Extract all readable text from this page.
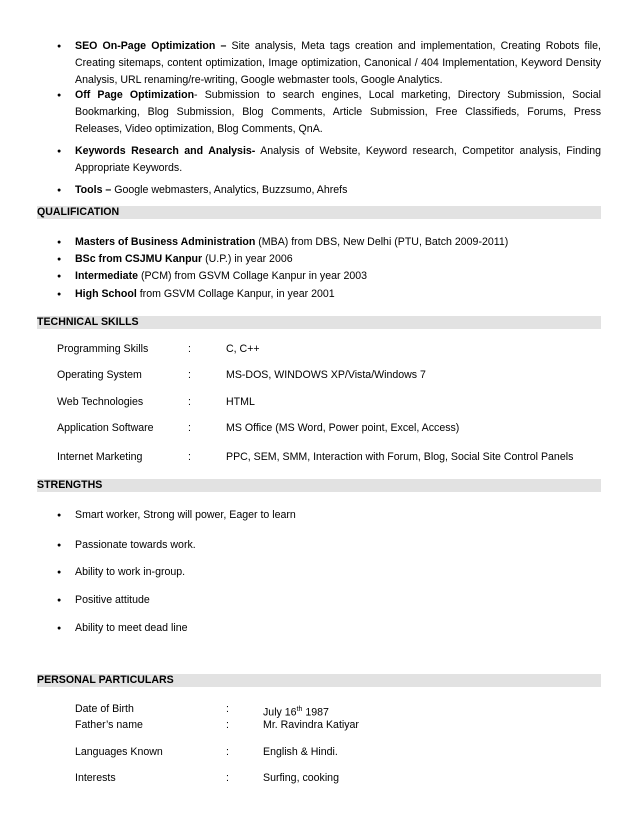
● SEO On-Page Optimization – Site analysis, Meta tags creation and implementation, Creating Robots file, Creating sitemaps, content optimization, Image optimization, Canonical / 404 Implementation, Keyword Density Analysis, URL renaming/re-writing, Google webmaster tools, Google Analytics.
● Off Page Optimization- Submission to search engines, Local marketing, Directory Submission, Social Bookmarking, Blog Submission, Blog Comments, Article Submission, Free Classifieds, Forums, Press Releases, Video optimization, Blog Comments, QnA.
● Keywords Research and Analysis- Analysis of Website, Keyword research, Competitor analysis, Finding Appropriate Keywords.
● Tools – Google webmasters, Analytics, Buzzsumo, Ahrefs
QUALIFICATION
● Masters of Business Administration (MBA) from DBS, New Delhi (PTU, Batch 2009-2011)
● BSc from CSJMU Kanpur (U.P.) in year 2006
● Intermediate (PCM) from GSVM Collage Kanpur in year 2003
● High School from GSVM Collage Kanpur, in year 2001
TECHNICAL SKILLS
Programming Skills	:	C, C++
Operating System	:	MS-DOS, WINDOWS XP/Vista/Windows 7
Web Technologies	:	HTML
Application Software	:	MS Office (MS Word, Power point, Excel, Access)
Internet Marketing	:	PPC, SEM, SMM, Interaction with Forum, Blog, Social Site Control Panels
STRENGTHS
● Smart worker, Strong will power, Eager to learn
● Passionate towards work.
● Ability to work in-group.
● Positive attitude
● Ability to meet dead line
PERSONAL PARTICULARS
Date of Birth	:	July 16th 1987
Father’s name	:	Mr. Ravindra Katiyar
Languages Known	:	English & Hindi.
Interests	:	Surfing, cooking
